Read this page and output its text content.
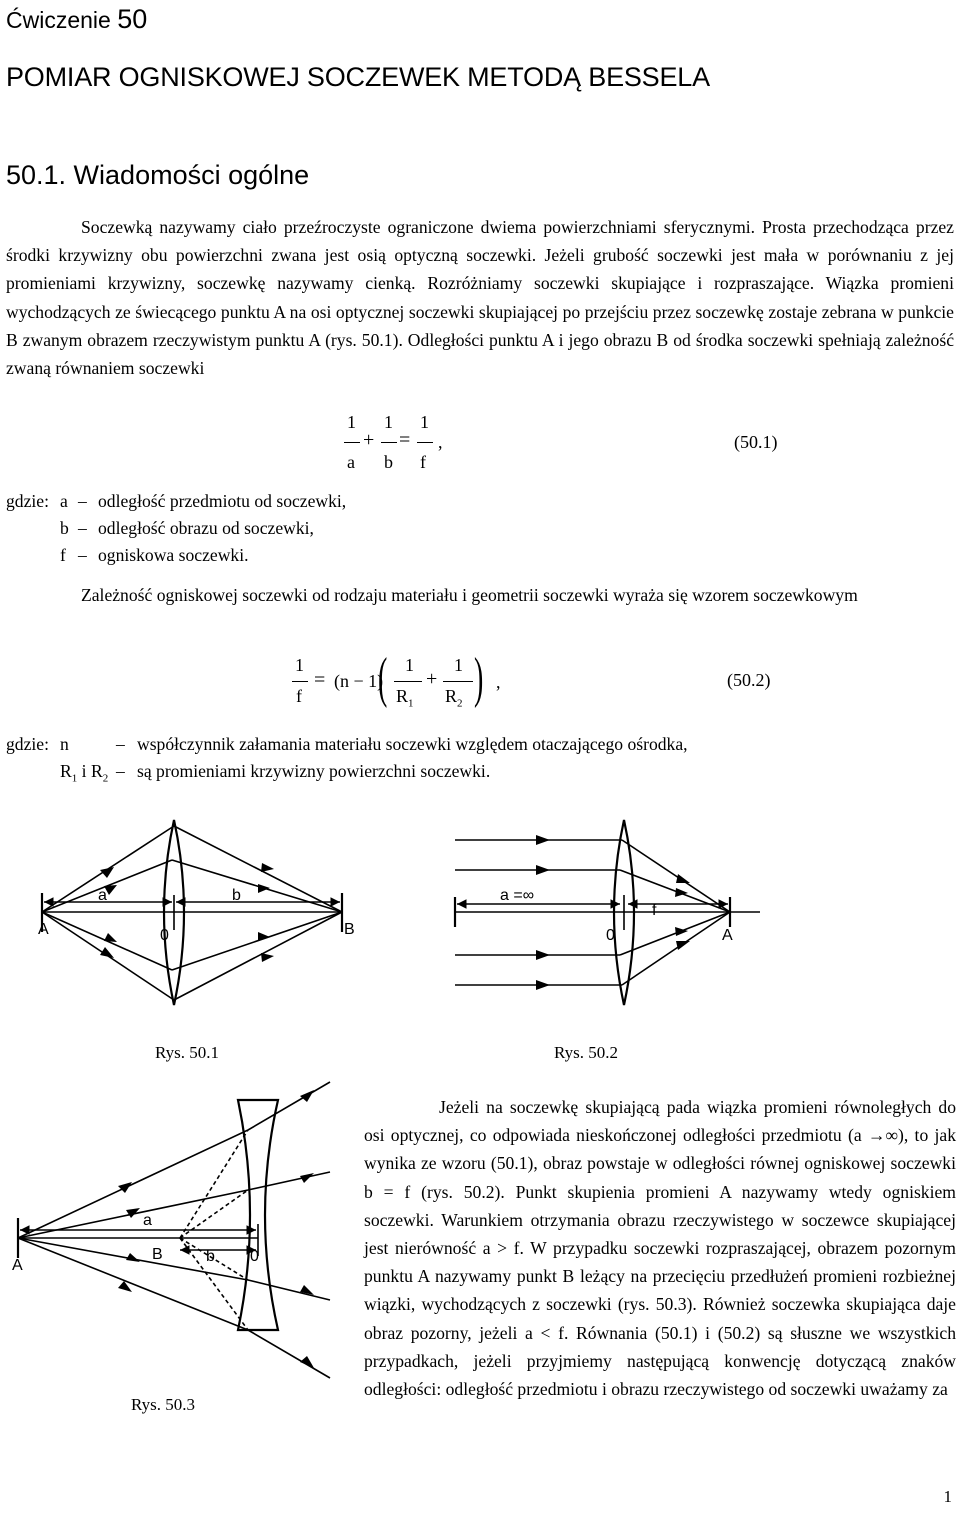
Ćwiczenie 50
POMIAR OGNISKOWEJ SOCZEWEK METODĄ BESSELA
50.1. Wiadomości ogólne

Soczewką nazywamy ciało przeźroczyste ograniczone dwiema powierzchniami sferycznymi. Prosta przechodząca przez środki krzywizny obu powierzchni zwana jest osią optyczną soczewki. Jeżeli grubość soczewki jest mała w porównaniu z jej promieniami krzywizny, soczewkę nazywamy cienką. Rozróżniamy soczewki skupiające i rozpraszające. Wiązka promieni wychodzących ze świecącego punktu A na osi optycznej soczewki skupiającej po przejściu przez soczewkę zostaje zebrana w punkcie B zwanym obrazem rzeczywistym punktu A (rys. 50.1). Odległości punktu A i jego obrazu B od środka soczewki spełniają zależność zwaną równaniem soczewki

1
a
+
1
b
=
1
f
,	(50.1)
gdzie: a – odległość przedmiotu od soczewki,
b – odległość obrazu od soczewki,
f – ogniskowa soczewki.

Zależność ogniskowej soczewki od rodzaju materiału i geometrii soczewki wyraża się wzorem soczewkowym

1
f
= (n − 1)
( 1
$R_1$
+
1
$R_2$ ) ,	(50.2)
gdzie: n	– współczynnik załamania materiału soczewki względem otaczającego ośrodka,
$R_1$ i $R_2$ – są promieniami krzywizny powierzchni soczewki.
a	b
A	0	B
a =∞
f
0	A
a
B	b 0
A
Rys. 50.1	Rys. 50.2
Rys. 50.3

Jeżeli na soczewkę skupiającą pada wiązka promieni równoległych do osi optycznej, co odpowiada nieskończonej odległości przedmiotu (a →∞), to jak wynika ze wzoru (50.1), obraz powstaje w odległości równej ogniskowej soczewki b = f (rys. 50.2). Punkt skupienia promieni A nazywamy wtedy ogniskiem soczewki. Warunkiem otrzymania obrazu rzeczywistego w soczewce skupiającej jest nierówność a > f. W przypadku soczewki rozpraszającej, obrazem pozornym punktu A nazywamy punkt B leżący na przecięciu przedłużeń promieni rozbieżnej wiązki, wychodzących z soczewki (rys. 50.3). Również soczewka skupiająca daje obraz pozorny, jeżeli a < f. Równania (50.1) i (50.2) są słuszne we wszystkich przypadkach, jeżeli przyjmiemy następującą konwencję dotyczącą znaków odległości: odległość przedmiotu i obrazu rzeczywistego od soczewki uważamy za

1
